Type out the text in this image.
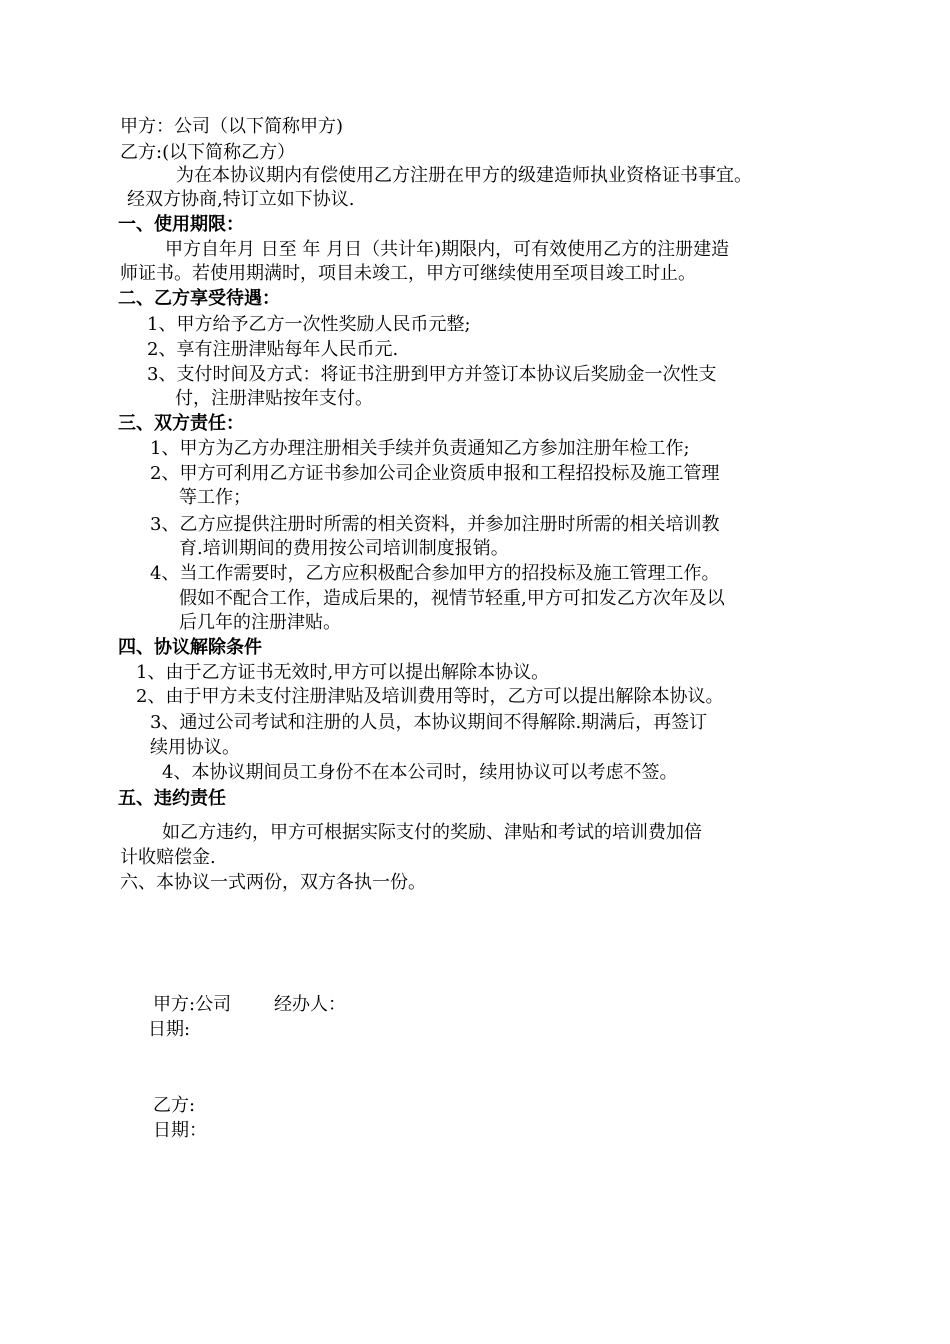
甲方：公司（以下简称甲方)
乙方:(以下简称乙方）
为在本协议期内有偿使用乙方注册在甲方的级建造师执业资格证书事宜。
经双方协商,特订立如下协议.
一、使用期限：
甲方自年月 日至 年 月日（共计年)期限内，可有效使用乙方的注册建造
师证书。若使用期满时，项目未竣工，甲方可继续使用至项目竣工时止。
二、乙方享受待遇：
1、甲方给予乙方一次性奖励人民币元整;
2、享有注册津贴每年人民币元.
3、支付时间及方式：将证书注册到甲方并签订本协议后奖励金一次性支
付，注册津贴按年支付。
三、双方责任：
1、甲方为乙方办理注册相关手续并负责通知乙方参加注册年检工作;
2、甲方可利用乙方证书参加公司企业资质申报和工程招投标及施工管理
等工作；
3、乙方应提供注册时所需的相关资料，并参加注册时所需的相关培训教
育.培训期间的费用按公司培训制度报销。
4、当工作需要时，乙方应积极配合参加甲方的招投标及施工管理工作。
假如不配合工作，造成后果的，视情节轻重,甲方可扣发乙方次年及以
后几年的注册津贴。
四、协议解除条件
1、由于乙方证书无效时,甲方可以提出解除本协议。
2、由于甲方未支付注册津贴及培训费用等时，乙方可以提出解除本协议。
3、通过公司考试和注册的人员，本协议期间不得解除.期满后，再签订
续用协议。
4、本协议期间员工身份不在本公司时，续用协议可以考虑不签。
五、违约责任
如乙方违约，甲方可根据实际支付的奖励、津贴和考试的培训费加倍
计收赔偿金.
六、本协议一式两份，双方各执一份。
甲方:公司 经办人：
日期:
乙方:
日期：
